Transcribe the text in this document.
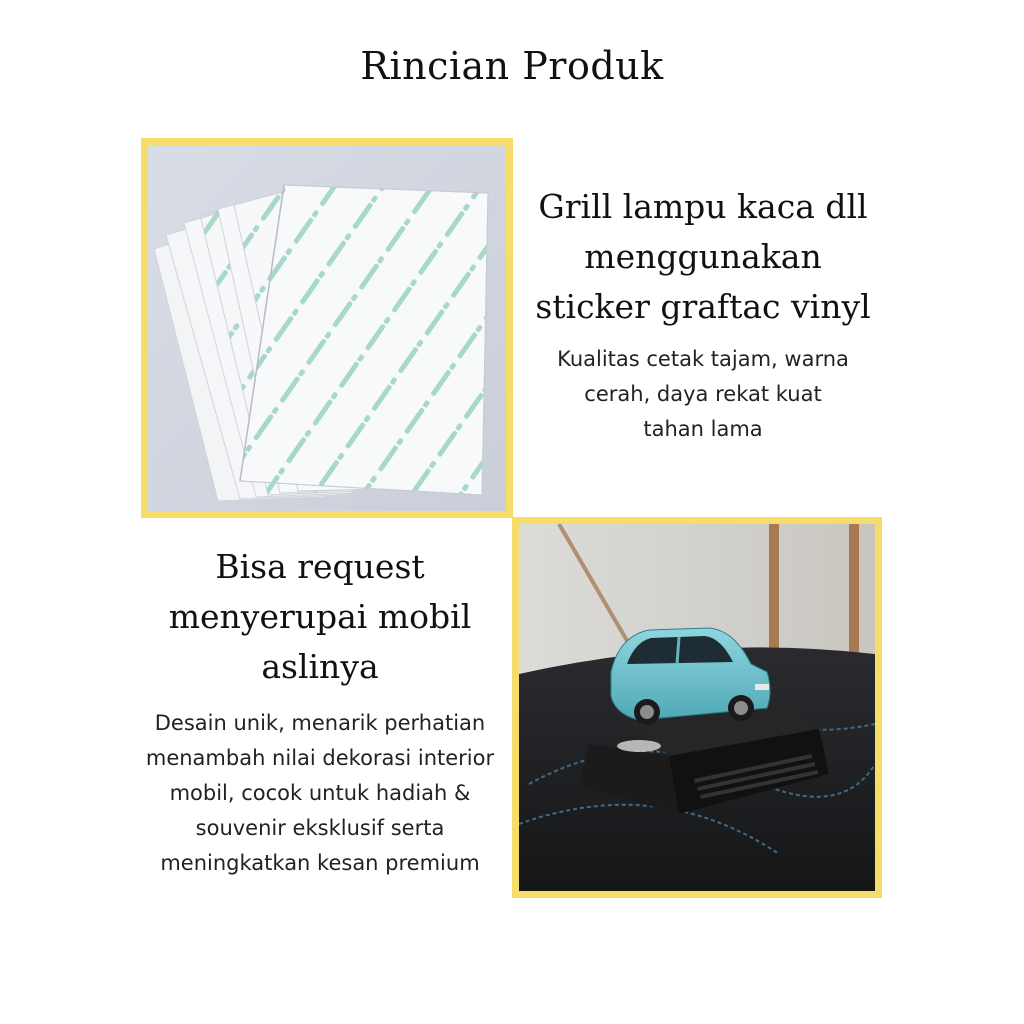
Rincian Produk
Grill lampu kaca dll
menggunakan
sticker graftac vinyl
Kualitas cetak tajam, warna
cerah, daya rekat kuat
tahan lama
Bisa request
menyerupai mobil
aslinya
Desain unik, menarik perhatian
menambah nilai dekorasi interior
mobil, cocok untuk hadiah &
souvenir eksklusif serta
meningkatkan kesan premium
